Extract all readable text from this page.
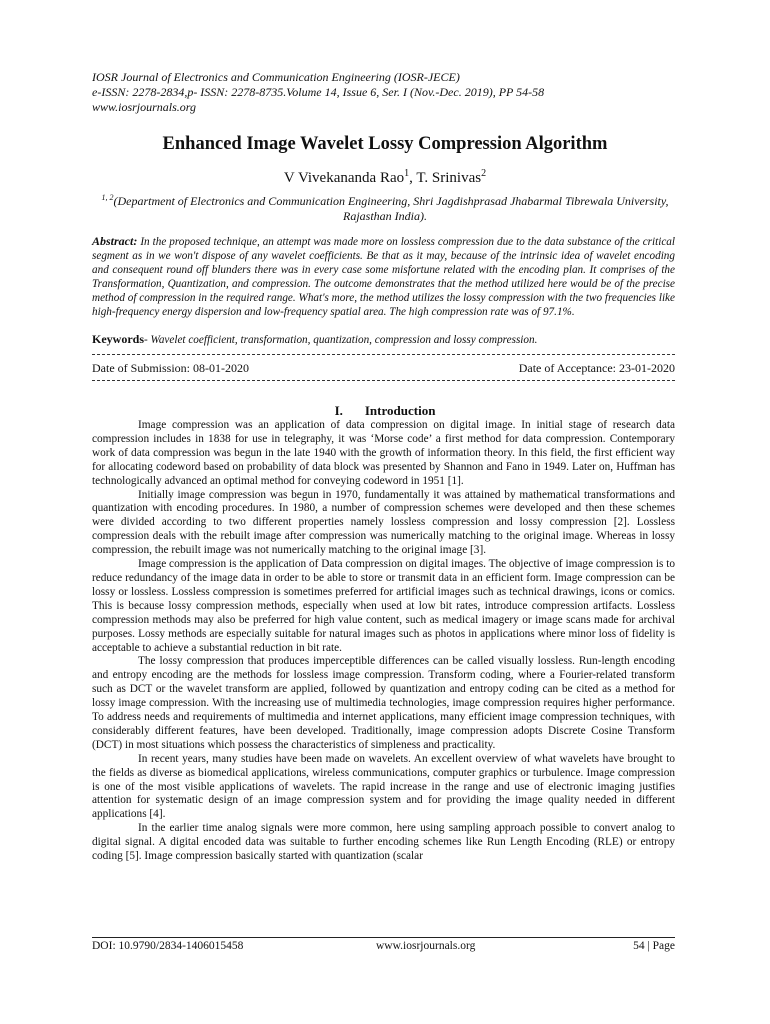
IOSR Journal of Electronics and Communication Engineering (IOSR-JECE)
e-ISSN: 2278-2834,p- ISSN: 2278-8735.Volume 14, Issue 6, Ser. I (Nov.-Dec. 2019), PP 54-58
www.iosrjournals.org
Enhanced Image Wavelet Lossy Compression Algorithm
V Vivekananda Rao$^1$, T. Srinivas$^2$
$^{1, 2}$(Department of Electronics and Communication Engineering, Shri Jagdishprasad Jhabarmal Tibrewala University, Rajasthan India).
Abstract: In the proposed technique, an attempt was made more on lossless compression due to the data substance of the critical segment as in we won't dispose of any wavelet coefficients. Be that as it may, because of the intrinsic idea of wavelet encoding and consequent round off blunders there was in every case some misfortune related with the encoding plan. It comprises of the Transformation, Quantization, and compression. The outcome demonstrates that the method utilized here would be of the precise method of compression in the required range. What's more, the method utilizes the lossy compression with the two frequencies like high-frequency energy dispersion and low-frequency spatial area. The high compression rate was of 97.1%.
Keywords- Wavelet coefficient, transformation, quantization, compression and lossy compression.
Date of Submission: 08-01-2020	Date of Acceptance: 23-01-2020
I. Introduction

Image compression was an application of data compression on digital image. In initial stage of research data compression includes in 1838 for use in telegraphy, it was ‘Morse code’ a first method for data compression. Contemporary work of data compression was begun in the late 1940 with the growth of information theory. In this field, the first efficient way for allocating codeword based on probability of data block was presented by Shannon and Fano in 1949. Later on, Huffman has technologically advanced an optimal method for conveying codeword in 1951 [1].

Initially image compression was begun in 1970, fundamentally it was attained by mathematical transformations and quantization with encoding procedures. In 1980, a number of compression schemes were developed and then these schemes were divided according to two different properties namely lossless compression and lossy compression [2]. Lossless compression deals with the rebuilt image after compression was numerically matching to the original image. Whereas in lossy compression, the rebuilt image was not numerically matching to the original image [3].

Image compression is the application of Data compression on digital images. The objective of image compression is to reduce redundancy of the image data in order to be able to store or transmit data in an efficient form. Image compression can be lossy or lossless. Lossless compression is sometimes preferred for artificial images such as technical drawings, icons or comics. This is because lossy compression methods, especially when used at low bit rates, introduce compression artifacts. Lossless compression methods may also be preferred for high value content, such as medical imagery or image scans made for archival purposes. Lossy methods are especially suitable for natural images such as photos in applications where minor loss of fidelity is acceptable to achieve a substantial reduction in bit rate.

The lossy compression that produces imperceptible differences can be called visually lossless. Run-length encoding and entropy encoding are the methods for lossless image compression. Transform coding, where a Fourier-related transform such as DCT or the wavelet transform are applied, followed by quantization and entropy coding can be cited as a method for lossy image compression. With the increasing use of multimedia technologies, image compression requires higher performance. To address needs and requirements of multimedia and internet applications, many efficient image compression techniques, with considerably different features, have been developed. Traditionally, image compression adopts Discrete Cosine Transform (DCT) in most situations which possess the characteristics of simpleness and practicality.

In recent years, many studies have been made on wavelets. An excellent overview of what wavelets have brought to the fields as diverse as biomedical applications, wireless communications, computer graphics or turbulence. Image compression is one of the most visible applications of wavelets. The rapid increase in the range and use of electronic imaging justifies attention for systematic design of an image compression system and for providing the image quality needed in different applications [4].

In the earlier time analog signals were more common, here using sampling approach possible to convert analog to digital signal. A digital encoded data was suitable to further encoding schemes like Run Length Encoding (RLE) or entropy coding [5]. Image compression basically started with quantization (scalar

DOI: 10.9790/2834-1406015458	www.iosrjournals.org	54 | Page
